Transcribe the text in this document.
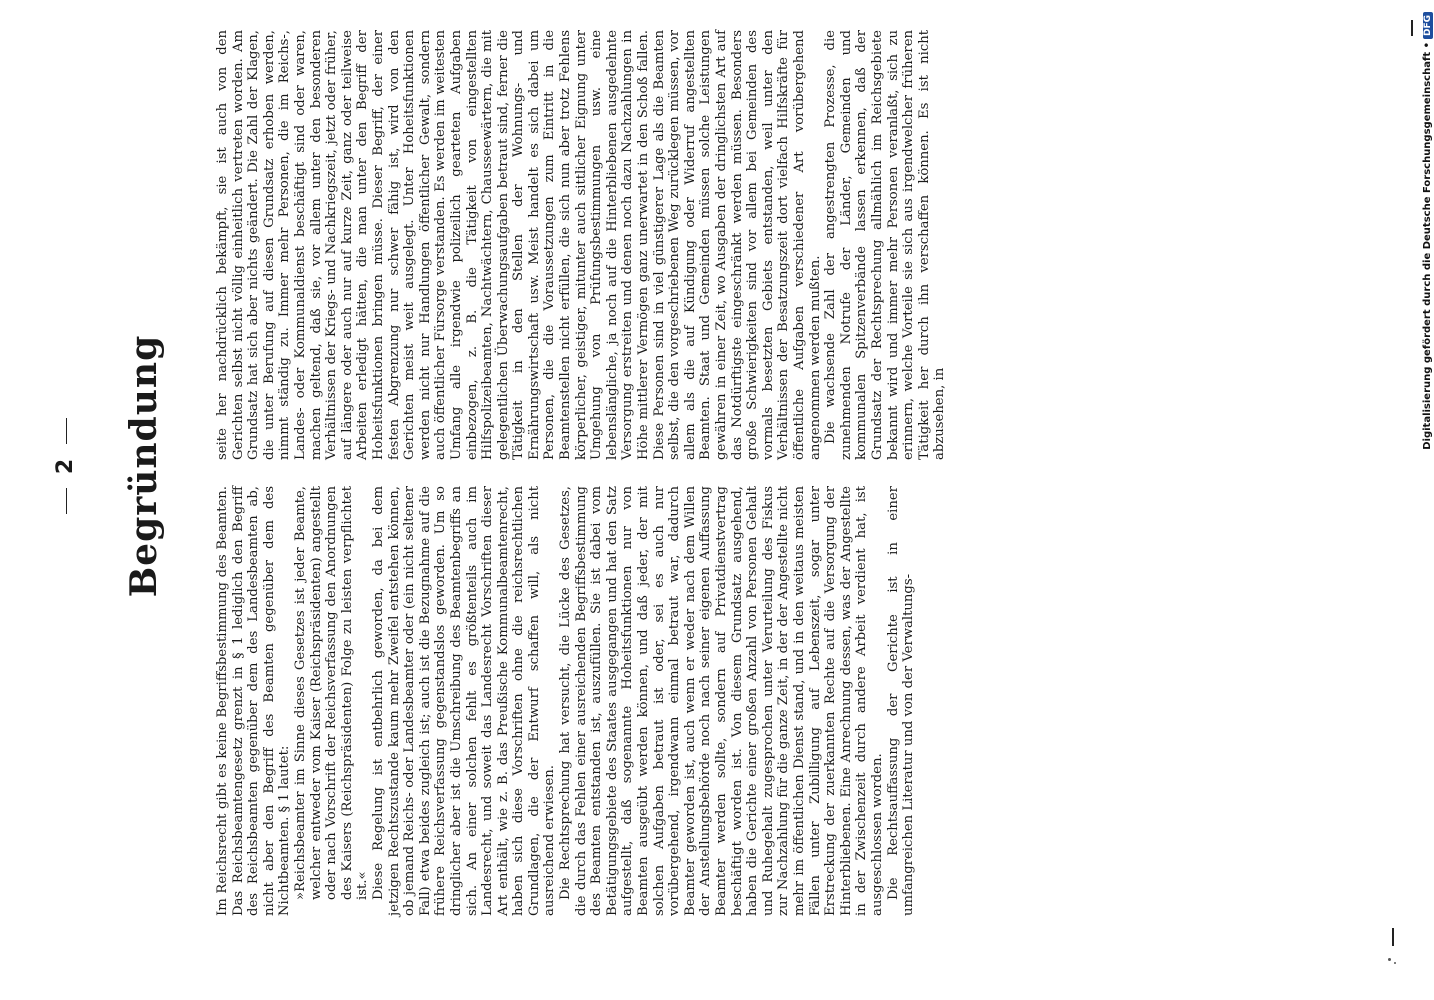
2 Begründung

Im Reichsrecht gibt es keine Begriffsbestimmung des Beamten. Das Reichsbeamtengesetz grenzt in § 1 lediglich den Begriff des Reichsbeamten gegenüber dem des Landesbeamten ab, nicht aber den Begriff des Beamten gegenüber dem des Nichtbeamten. § 1 lautet: »Reichsbeamter im Sinne dieses Gesetzes ist jeder Beamte, welcher entweder vom Kaiser (Reichspräsidenten) angestellt oder nach Vorschrift der Reichsverfassung den Anordnungen des Kaisers (Reichspräsidenten) Folge zu leisten verpflichtet ist.« Diese Regelung ist entbehrlich geworden, da bei dem jetzigen Rechtszustande kaum mehr Zweifel entstehen können, ob jemand Reichs- oder Landesbeamter oder (ein nicht seltener Fall) etwa beides zugleich ist; auch ist die Bezugnahme auf die frühere Reichsverfassung gegenstandslos geworden. Um so dringlicher aber ist die Umschreibung des Beamtenbegriffs an sich. An einer solchen fehlt es größtenteils auch im Landesrecht, und soweit das Landesrecht Vorschriften dieser Art enthält, wie z. B. das Preußische Kommunalbeamtenrecht, haben sich diese Vorschriften ohne die reichsrechtlichen Grundlagen, die der Entwurf schaffen will, als nicht ausreichend erwiesen. Die Rechtsprechung hat versucht, die Lücke des Gesetzes, die durch das Fehlen einer ausreichenden Begriffsbestimmung des Beamten entstanden ist, auszufüllen. Sie ist dabei vom Betätigungsgebiete des Staates ausgegangen und hat den Satz aufgestellt, daß sogenannte Hoheitsfunktionen nur von Beamten ausgeübt werden können, und daß jeder, der mit solchen Aufgaben betraut ist oder, sei es auch nur vorübergehend, irgendwann einmal betraut war, dadurch Beamter geworden ist, auch wenn er weder nach dem Willen der Anstellungsbehörde noch nach seiner eigenen Auffassung Beamter werden sollte, sondern auf Privatdienstvertrag beschäftigt worden ist. Von diesem Grundsatz ausgehend, haben die Gerichte einer großen Anzahl von Personen Gehalt und Ruhegehalt zugesprochen unter Verurteilung des Fiskus zur Nachzahlung für die ganze Zeit, in der der Angestellte nicht mehr im öffentlichen Dienst stand, und in den weitaus meisten Fällen unter Zubilligung auf Lebenszeit, sogar unter Erstreckung der zuerkannten Rechte auf die Versorgung der Hinterbliebenen. Eine Anrechnung dessen, was der Angestellte in der Zwischenzeit durch andere Arbeit verdient hat, ist ausgeschlossen worden. Die Rechtsauffassung der Gerichte ist in einer umfangreichen Literatur und von der Verwaltungs-

seite her nachdrücklich bekämpft, sie ist auch von den Gerichten selbst nicht völlig einheitlich vertreten worden. Am Grundsatz hat sich aber nichts geändert. Die Zahl der Klagen, die unter Berufung auf diesen Grundsatz erhoben werden, nimmt ständig zu. Immer mehr Personen, die im Reichs-, Landes- oder Kommunaldienst beschäftigt sind oder waren, machen geltend, daß sie, vor allem unter den besonderen Verhältnissen der Kriegs- und Nachkriegszeit, jetzt oder früher, auf längere oder auch nur auf kurze Zeit, ganz oder teilweise Arbeiten erledigt hätten, die man unter den Begriff der Hoheitsfunktionen bringen müsse. Dieser Begriff, der einer festen Abgrenzung nur schwer fähig ist, wird von den Gerichten meist weit ausgelegt. Unter Hoheitsfunktionen werden nicht nur Handlungen öffentlicher Gewalt, sondern auch öffentlicher Fürsorge verstanden. Es werden im weitesten Umfang alle irgendwie polizeilich gearteten Aufgaben einbezogen, z. B. die Tätigkeit von eingestellten Hilfspolizeibeamten, Nachtwächtern, Chausseewärtern, die mit gelegentlichen Überwachungsaufgaben betraut sind, ferner die Tätigkeit in den Stellen der Wohnungs- und Ernährungswirtschaft usw. Meist handelt es sich dabei um Personen, die die Voraussetzungen zum Eintritt in die Beamtenstellen nicht erfüllen, die sich nun aber trotz Fehlens körperlicher, geistiger, mitunter auch sittlicher Eignung unter Umgehung von Prüfungsbestimmungen usw. eine lebenslängliche, ja noch auf die Hinterbliebenen ausgedehnte Versorgung erstreiten und denen noch dazu Nachzahlungen in Höhe mittlerer Vermögen ganz unerwartet in den Schoß fallen. Diese Personen sind in viel günstigerer Lage als die Beamten selbst, die den vorgeschriebenen Weg zurücklegen müssen, vor allem als die auf Kündigung oder Widerruf angestellten Beamten. Staat und Gemeinden müssen solche Leistungen gewähren in einer Zeit, wo Ausgaben der dringlichsten Art auf das Notdürftigste eingeschränkt werden müssen. Besonders große Schwierigkeiten sind vor allem bei Gemeinden des vormals besetzten Gebiets entstanden, weil unter den Verhältnissen der Besatzungszeit dort vielfach Hilfskräfte für öffentliche Aufgaben verschiedener Art vorübergehend angenommen werden mußten. Die wachsende Zahl der angestrengten Prozesse, die zunehmenden Notrufe der Länder, Gemeinden und kommunalen Spitzenverbände lassen erkennen, daß der Grundsatz der Rechtsprechung allmählich im Reichsgebiete bekannt wird und immer mehr Personen veranlaßt, sich zu erinnern, welche Vorteile sie sich aus irgendwelcher früheren Tätigkeit her durch ihn verschaffen können. Es ist nicht abzusehen, in	Digitalisierung gefördert durch die Deutsche Forschungsgemeinschaft •DFG
